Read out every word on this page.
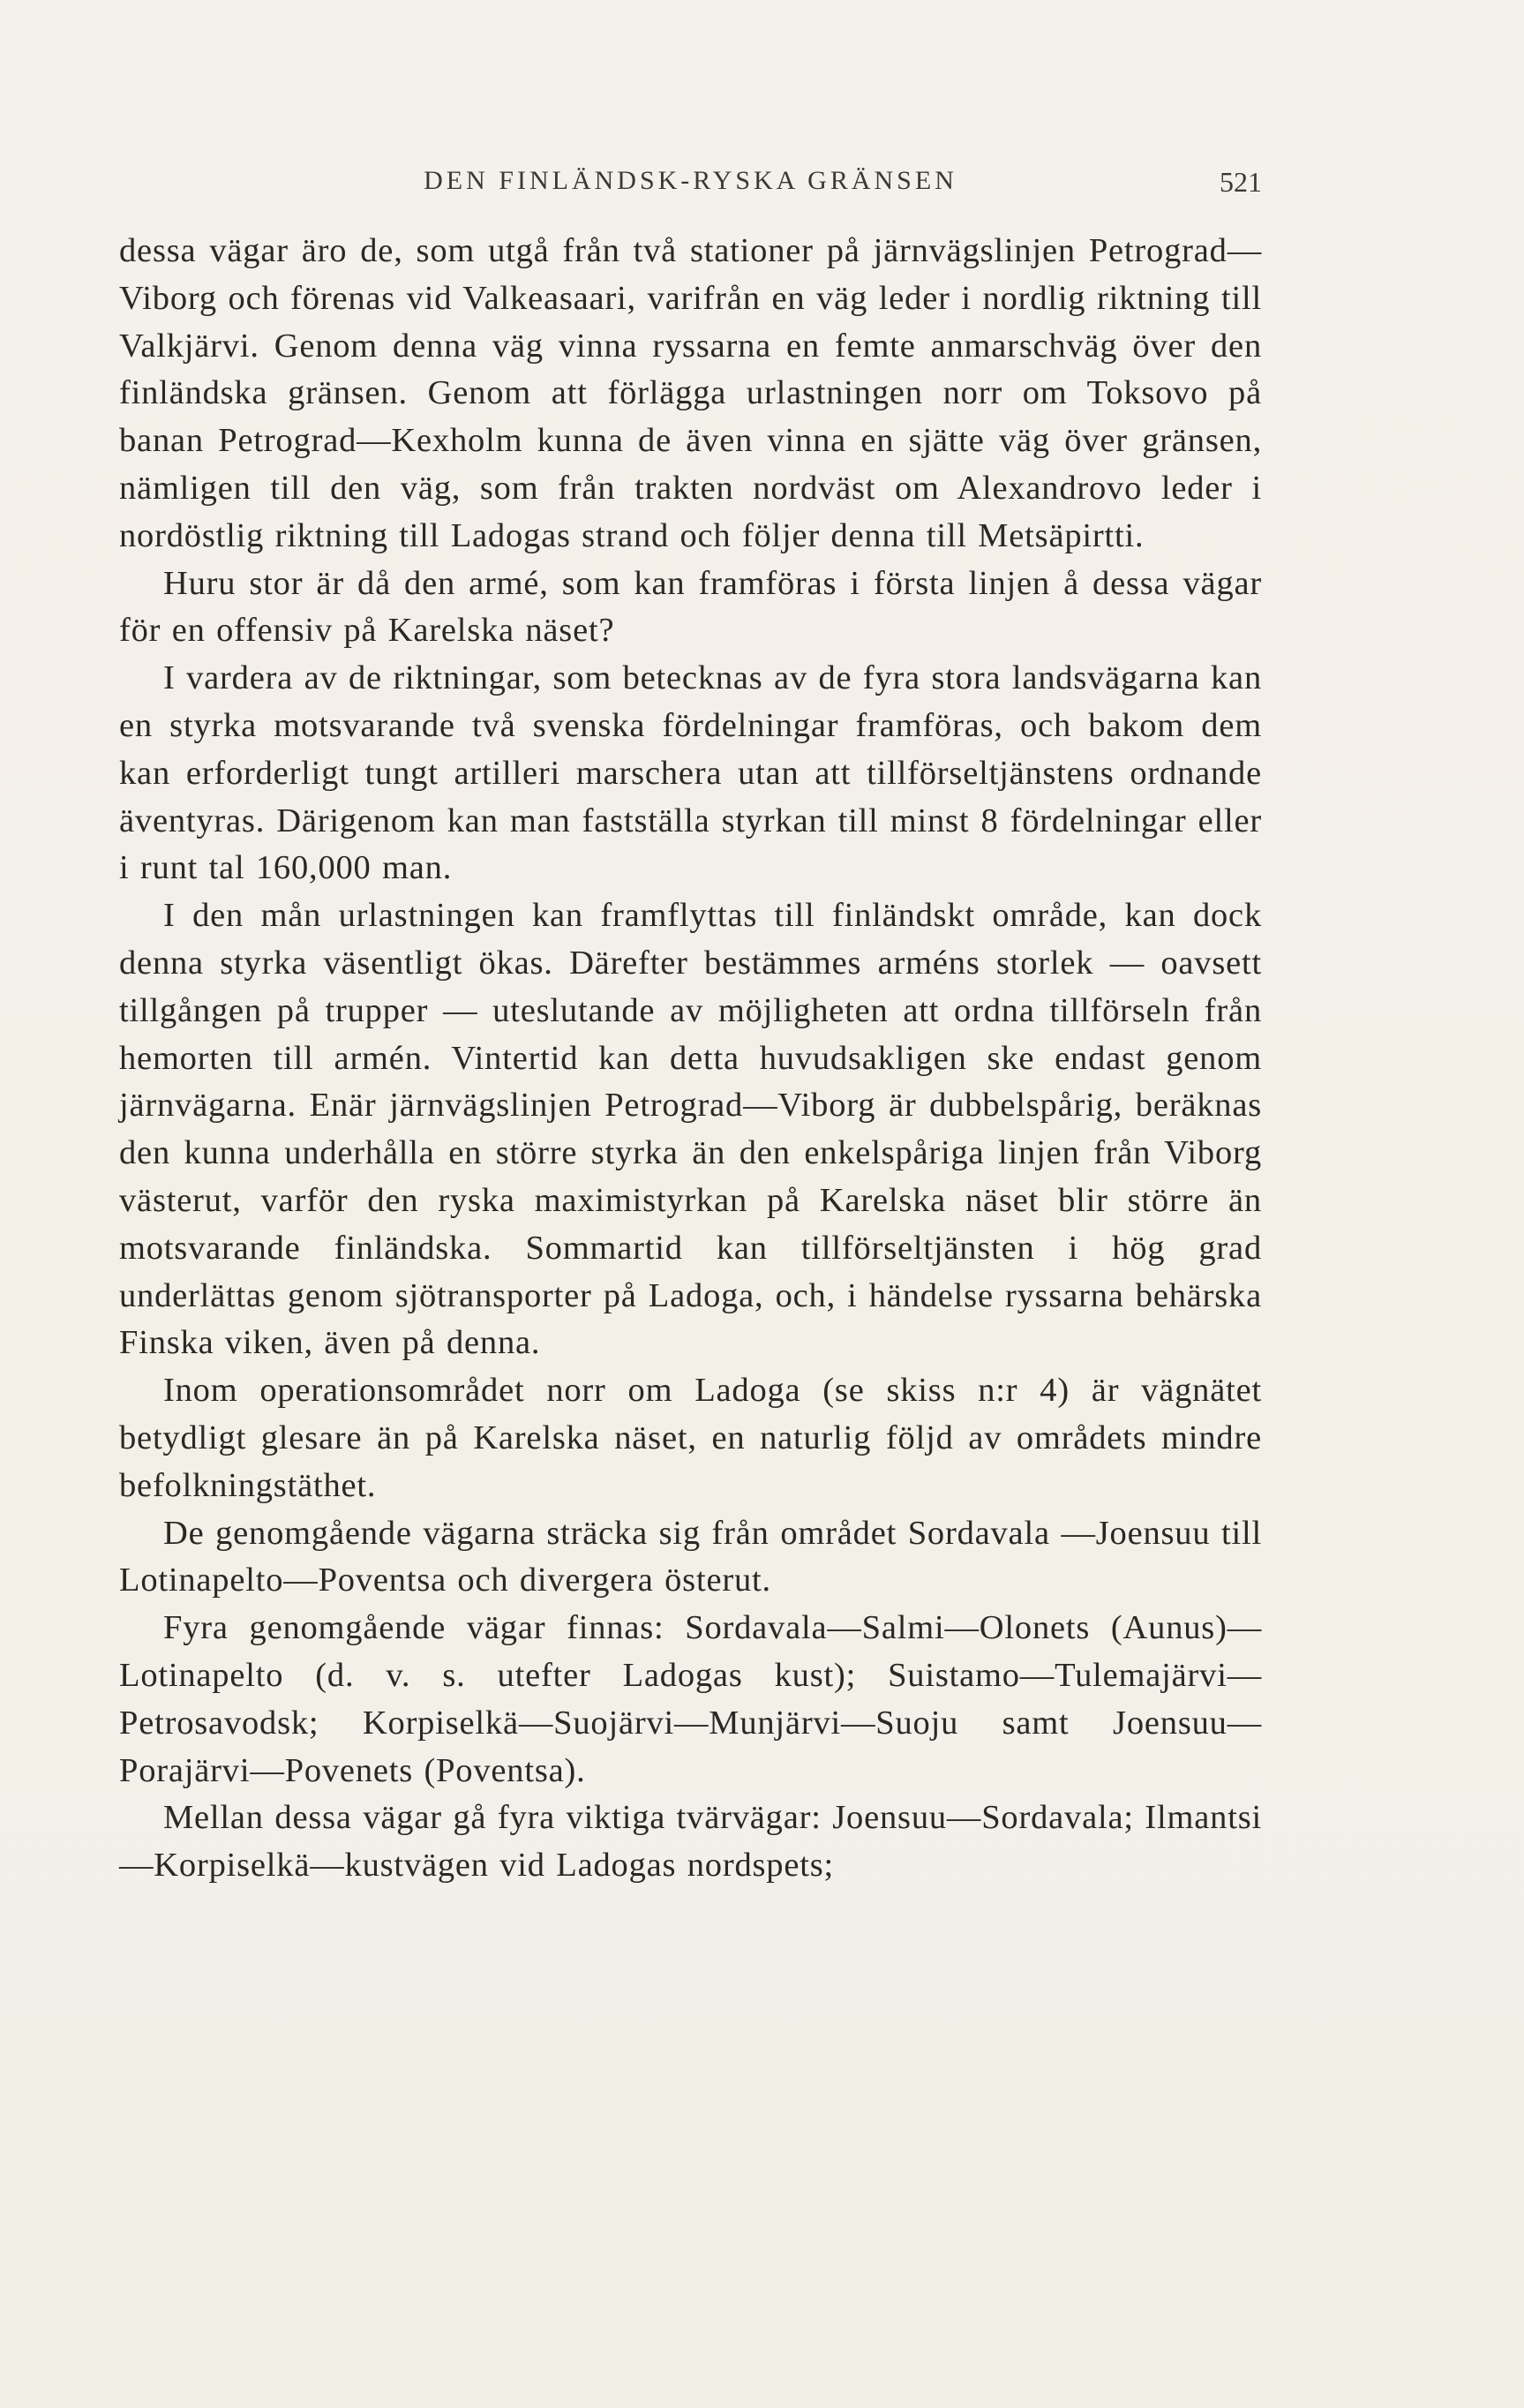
DEN FINLÄNDSK-RYSKA GRÄNSEN	521

dessa vägar äro de, som utgå från två stationer på järnvägslinjen Petrograd—Viborg och förenas vid Valkeasaari, varifrån en väg leder i nordlig riktning till Valkjärvi. Genom denna väg vinna ryssarna en femte anmarschväg över den finländska gränsen. Genom att förlägga urlastningen norr om Toksovo på banan Petrograd—Kexholm kunna de även vinna en sjätte väg över gränsen, nämligen till den väg, som från trakten nordväst om Alexandrovo leder i nordöstlig riktning till Ladogas strand och följer denna till Metsäpirtti.

Huru stor är då den armé, som kan framföras i första linjen å dessa vägar för en offensiv på Karelska näset?

I vardera av de riktningar, som betecknas av de fyra stora landsvägarna kan en styrka motsvarande två svenska fördelningar framföras, och bakom dem kan erforderligt tungt artilleri marschera utan att tillförseltjänstens ordnande äventyras. Därigenom kan man fastställa styrkan till minst 8 fördelningar eller i runt tal 160,000 man.

I den mån urlastningen kan framflyttas till finländskt område, kan dock denna styrka väsentligt ökas. Därefter bestämmes arméns storlek — oavsett tillgången på trupper — uteslutande av möjligheten att ordna tillförseln från hemorten till armén. Vintertid kan detta huvudsakligen ske endast genom järnvägarna. Enär järnvägslinjen Petrograd—Viborg är dubbelspårig, beräknas den kunna underhålla en större styrka än den enkelspåriga linjen från Viborg västerut, varför den ryska maximistyrkan på Karelska näset blir större än motsvarande finländska. Sommartid kan tillförseltjänsten i hög grad underlättas genom sjötransporter på Ladoga, och, i händelse ryssarna behärska Finska viken, även på denna.

Inom operationsområdet norr om Ladoga (se skiss n:r 4) är vägnätet betydligt glesare än på Karelska näset, en naturlig följd av områdets mindre befolkningstäthet.

De genomgående vägarna sträcka sig från området Sordavala —Joensuu till Lotinapelto—Poventsa och divergera österut.

Fyra genomgående vägar finnas: Sordavala—Salmi—Olonets (Aunus)—Lotinapelto (d. v. s. utefter Ladogas kust); Suistamo—Tulemajärvi—Petrosavodsk; Korpiselkä—Suojärvi—Munjärvi—Suoju samt Joensuu—Porajärvi—Povenets (Poventsa).

Mellan dessa vägar gå fyra viktiga tvärvägar: Joensuu—Sordavala; Ilmantsi—Korpiselkä—kustvägen vid Ladogas nordspets;
